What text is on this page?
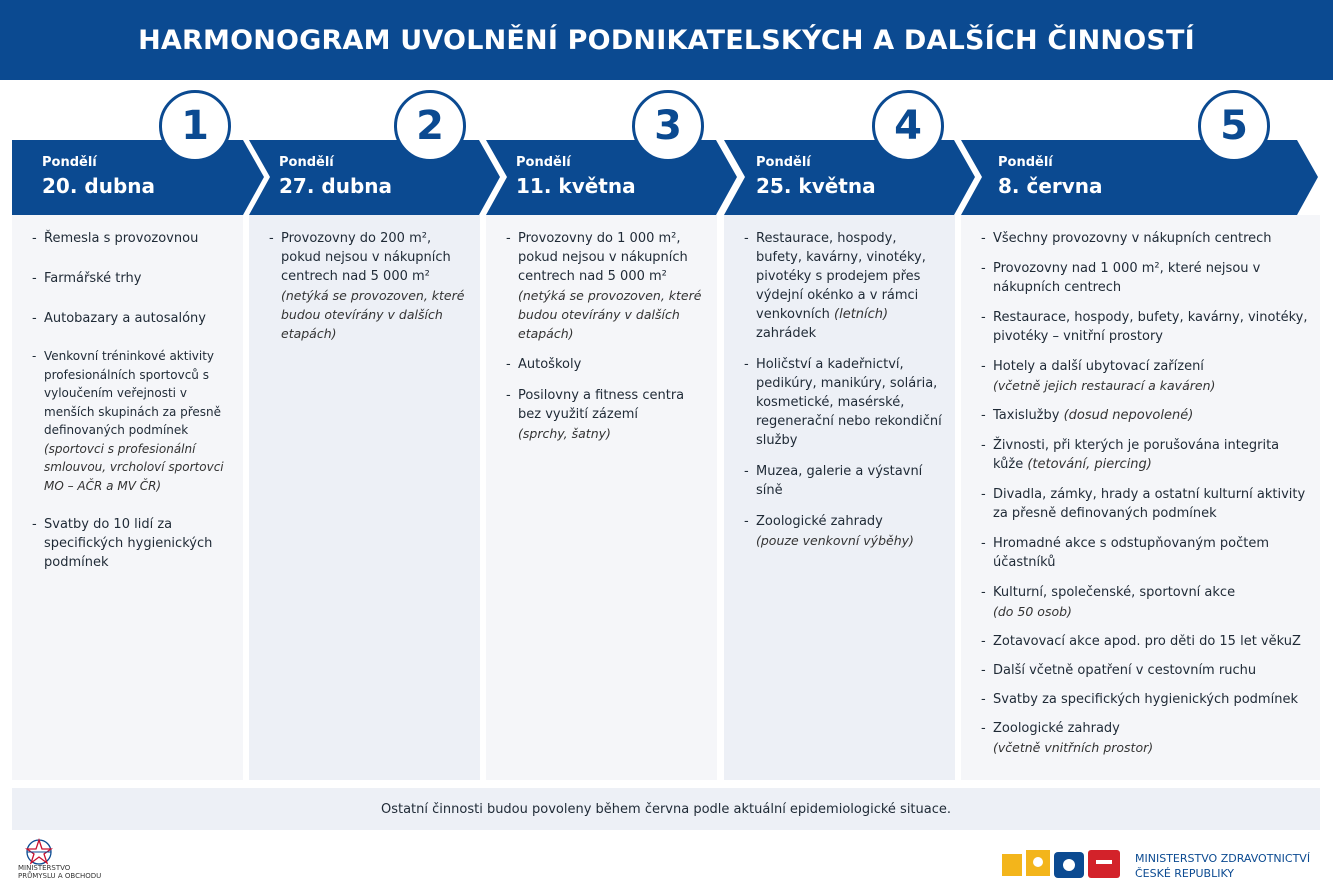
HARMONOGRAM UVOLNĚNÍ PODNIKATELSKÝCH A DALŠÍCH ČINNOSTÍ
Pondělí
20. dubna
Pondělí
27. dubna
Pondělí
11. května
Pondělí
25. května
Pondělí
8. června
1	2	3	4	5
- Řemesla s provozovnou
- Farmářské trhy
- Autobazary a autosalóny
- Venkovní tréninkové aktivity profesionálních sportovců s vyloučením veřejnosti v menších skupinách za přesně definovaných podmínek
(sportovci s profesionální smlouvou, vrcholoví sportovci MO – AČR a MV ČR)
- Svatby do 10 lidí za specifických hygienických podmínek
- Provozovny do 200 m², pokud nejsou v nákupních centrech nad 5 000 m²
(netýká se provozoven, které budou otevírány v dalších etapách)
- Provozovny do 1 000 m², pokud nejsou v nákupních centrech nad 5 000 m²
(netýká se provozoven, které budou otevírány v dalších etapách)
- Autoškoly
- Posilovny a fitness centra bez využití zázemí
(sprchy, šatny)
- Restaurace, hospody, bufety, kavárny, vinotéky, pivotéky s prodejem přes výdejní okénko a v rámci venkovních (letních) zahrádek
- Holičství a kadeřnictví, pedikúry, manikúry, solária, kosmetické, masérské, regenerační nebo rekondiční služby
- Muzea, galerie a výstavní síně
- Zoologické zahrady
(pouze venkovní výběhy)
- Všechny provozovny v nákupních centrech
- Provozovny nad 1 000 m², které nejsou v nákupních centrech
- Restaurace, hospody, bufety, kavárny, vinotéky, pivotéky – vnitřní prostory
- Hotely a další ubytovací zařízení
(včetně jejich restaurací a kaváren)
- Taxislužby (dosud nepovolené)
- Živnosti, při kterých je porušována integrita kůže (tetování, piercing)
- Divadla, zámky, hrady a ostatní kulturní aktivity za přesně definovaných podmínek
- Hromadné akce s odstupňovaným počtem účastníků
- Kulturní, společenské, sportovní akce
(do 50 osob)
- Zotavovací akce apod. pro děti do 15 let věkuZ
- Další včetně opatření v cestovním ruchu
- Svatby za specifických hygienických podmínek
- Zoologické zahrady
(včetně vnitřních prostor)
Ostatní činnosti budou povoleny během června podle aktuální epidemiologické situace.
MINISTERSTVO
PRŮMYSLU A OBCHODU
MINISTERSTVO ZDRAVOTNICTVÍ
ČESKÉ REPUBLIKY
